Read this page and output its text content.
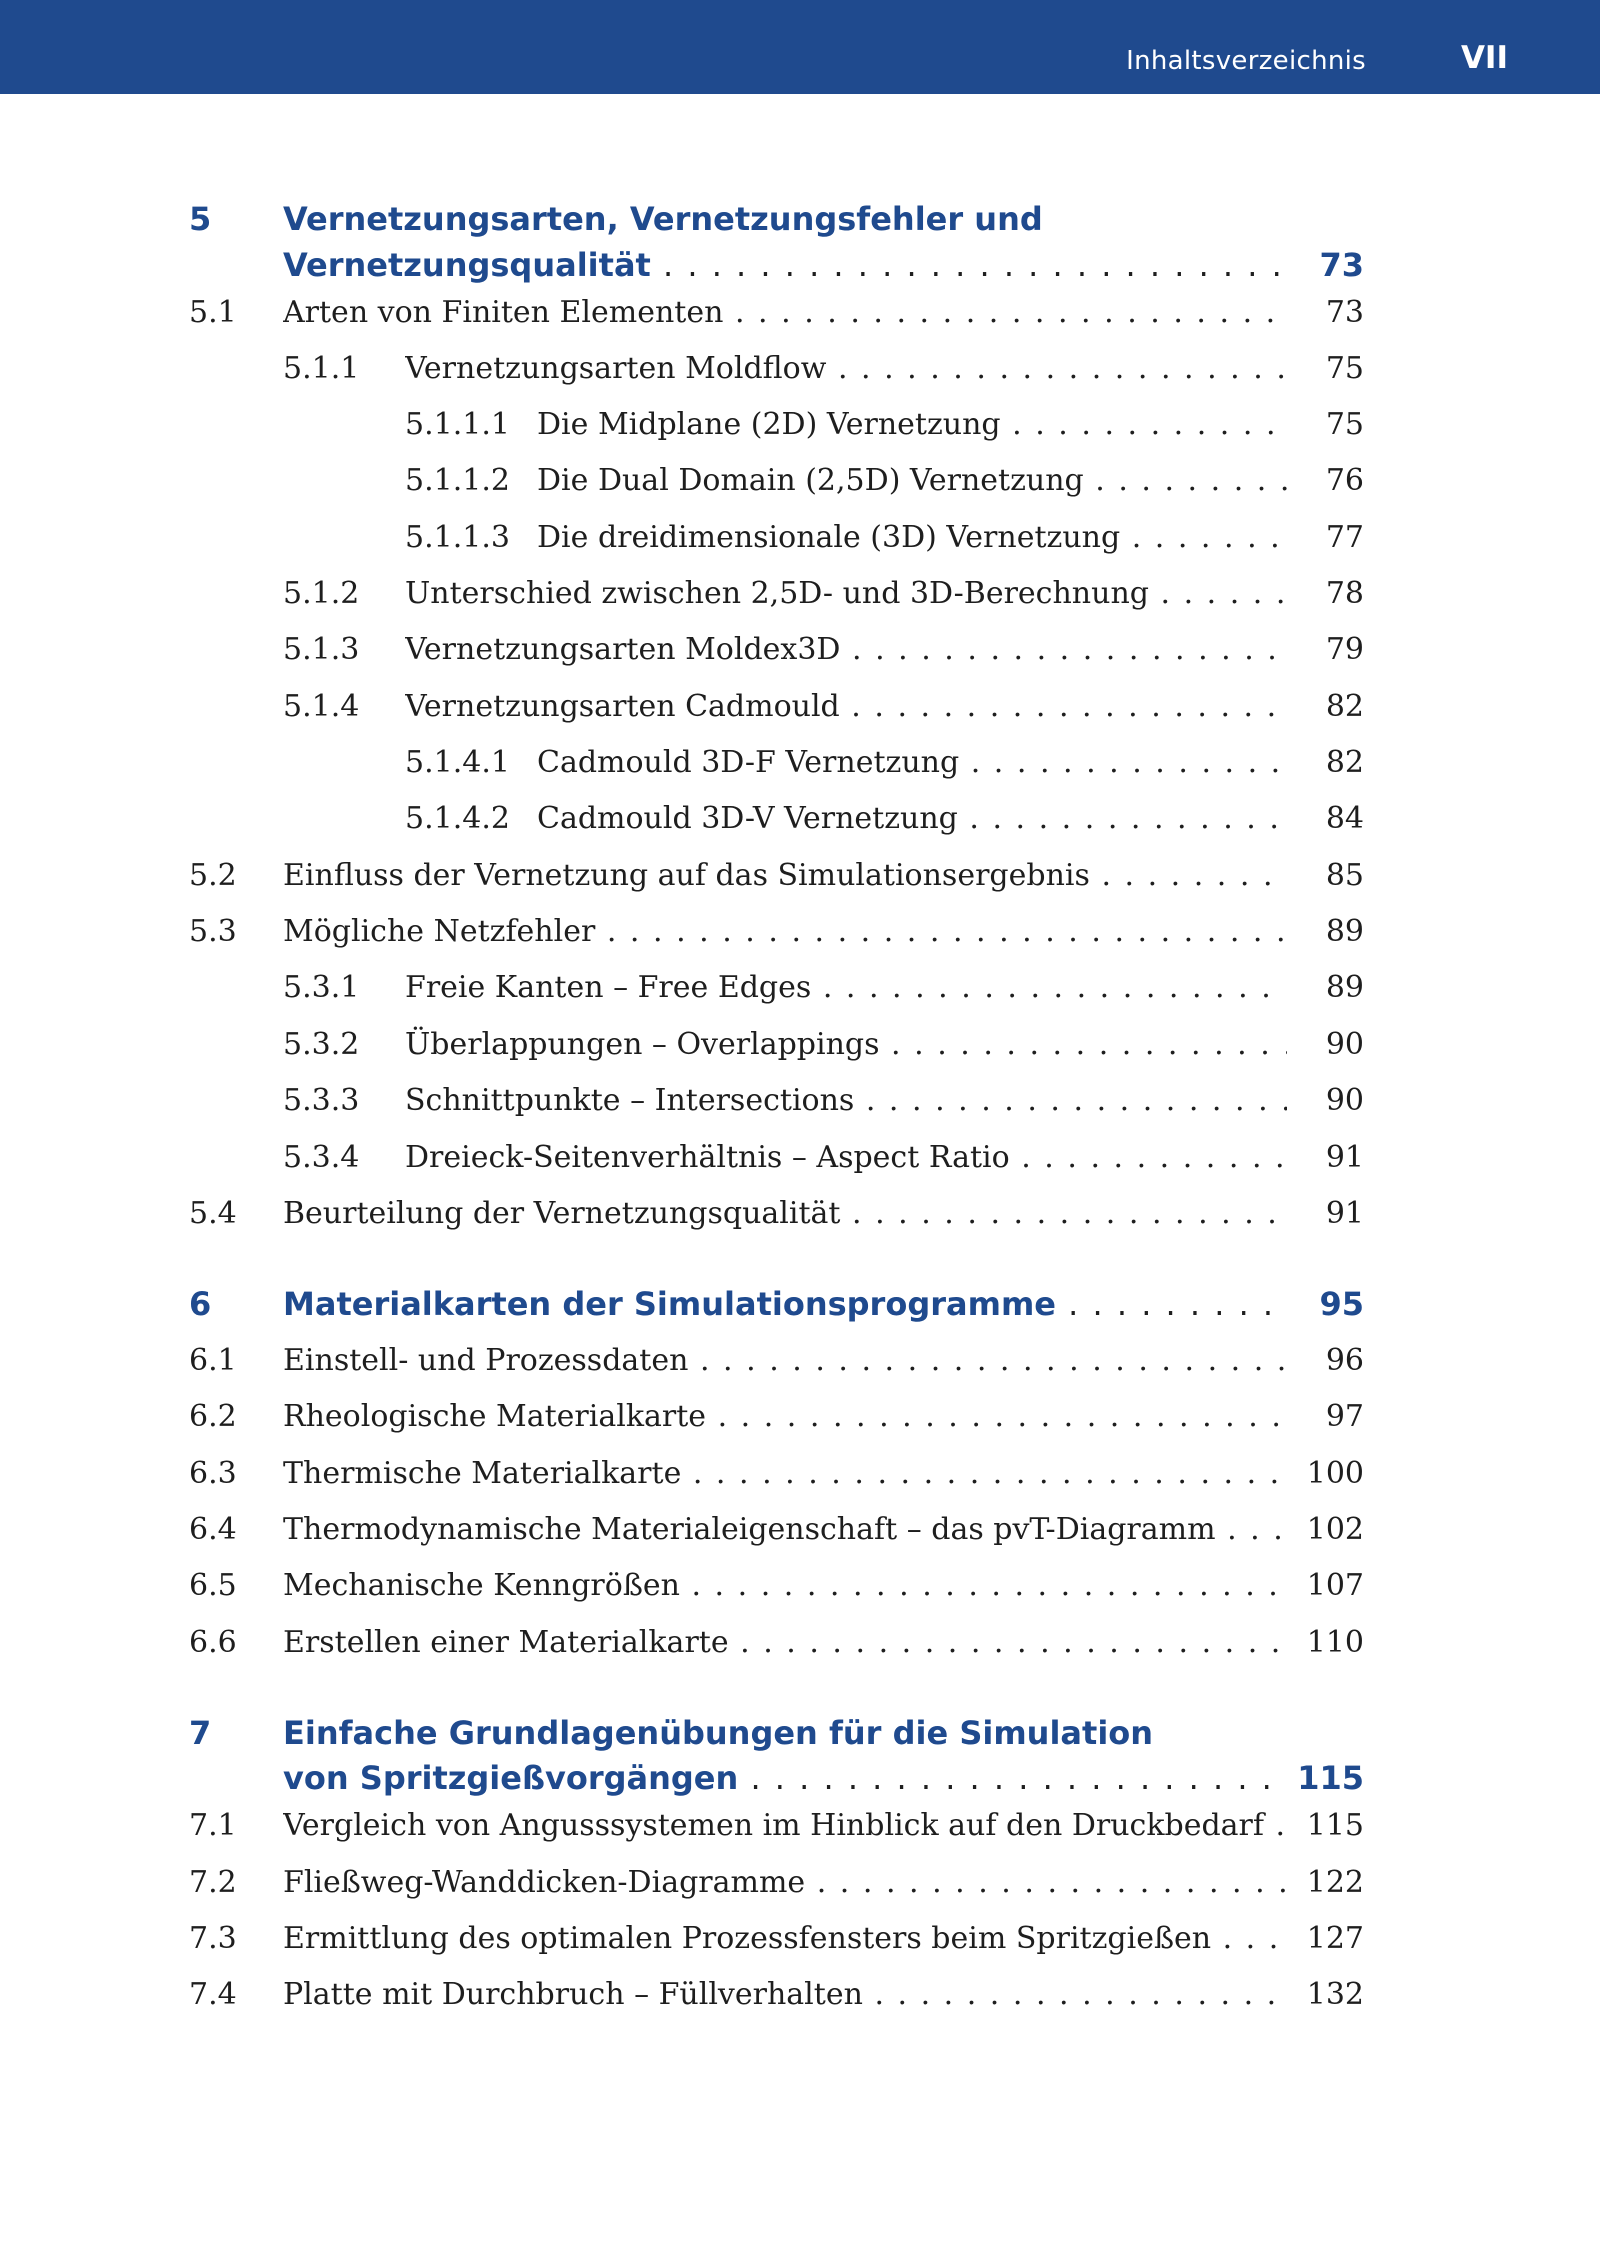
Inhaltsverzeichnis	VII
5 Vernetzungsarten, Vernetzungsfehler und
Vernetzungsqualität . . .	73
5.1 Arten von Finiten Elementen . . .	73
5.1.1 Vernetzungsarten Moldflow . . .	75
5.1.1.1 Die Midplane (2D) Vernetzung . . .	75
5.1.1.2 Die Dual Domain (2,5D) Vernetzung . . .	76
5.1.1.3 Die dreidimensionale (3D) Vernetzung . . .	77
5.1.2 Unterschied zwischen 2,5D- und 3D-Berechnung . . .	78
5.1.3 Vernetzungsarten Moldex3D . . .	79
5.1.4 Vernetzungsarten Cadmould . . .	82
5.1.4.1 Cadmould 3D-F Vernetzung . . .	82
5.1.4.2 Cadmould 3D-V Vernetzung . . .	84
5.2 Einfluss der Vernetzung auf das Simulationsergebnis . . .	85
5.3 Mögliche Netzfehler . . .	89
5.3.1 Freie Kanten – Free Edges . . .	89
5.3.2 Überlappungen – Overlappings . . .	90
5.3.3 Schnittpunkte – Intersections . . .	90
5.3.4 Dreieck-Seitenverhältnis – Aspect Ratio . . .	91
5.4 Beurteilung der Vernetzungsqualität . . .	91
6 Materialkarten der Simulationsprogramme . . .	95
6.1 Einstell- und Prozessdaten . . .	96
6.2 Rheologische Materialkarte . . .	97
6.3 Thermische Materialkarte . . .	100
6.4 Thermodynamische Materialeigenschaft – das pvT-Diagramm . . .	102
6.5 Mechanische Kenngrößen . . .	107
6.6 Erstellen einer Materialkarte . . .	110
7 Einfache Grundlagenübungen für die Simulation
von Spritzgießvorgängen . . .	115
7.1 Vergleich von Angusssystemen im Hinblick auf den Druckbedarf . . .	115
7.2 Fließweg-Wanddicken-Diagramme . . .	122
7.3 Ermittlung des optimalen Prozessfensters beim Spritzgießen . . .	127
7.4 Platte mit Durchbruch – Füllverhalten . . .	132
